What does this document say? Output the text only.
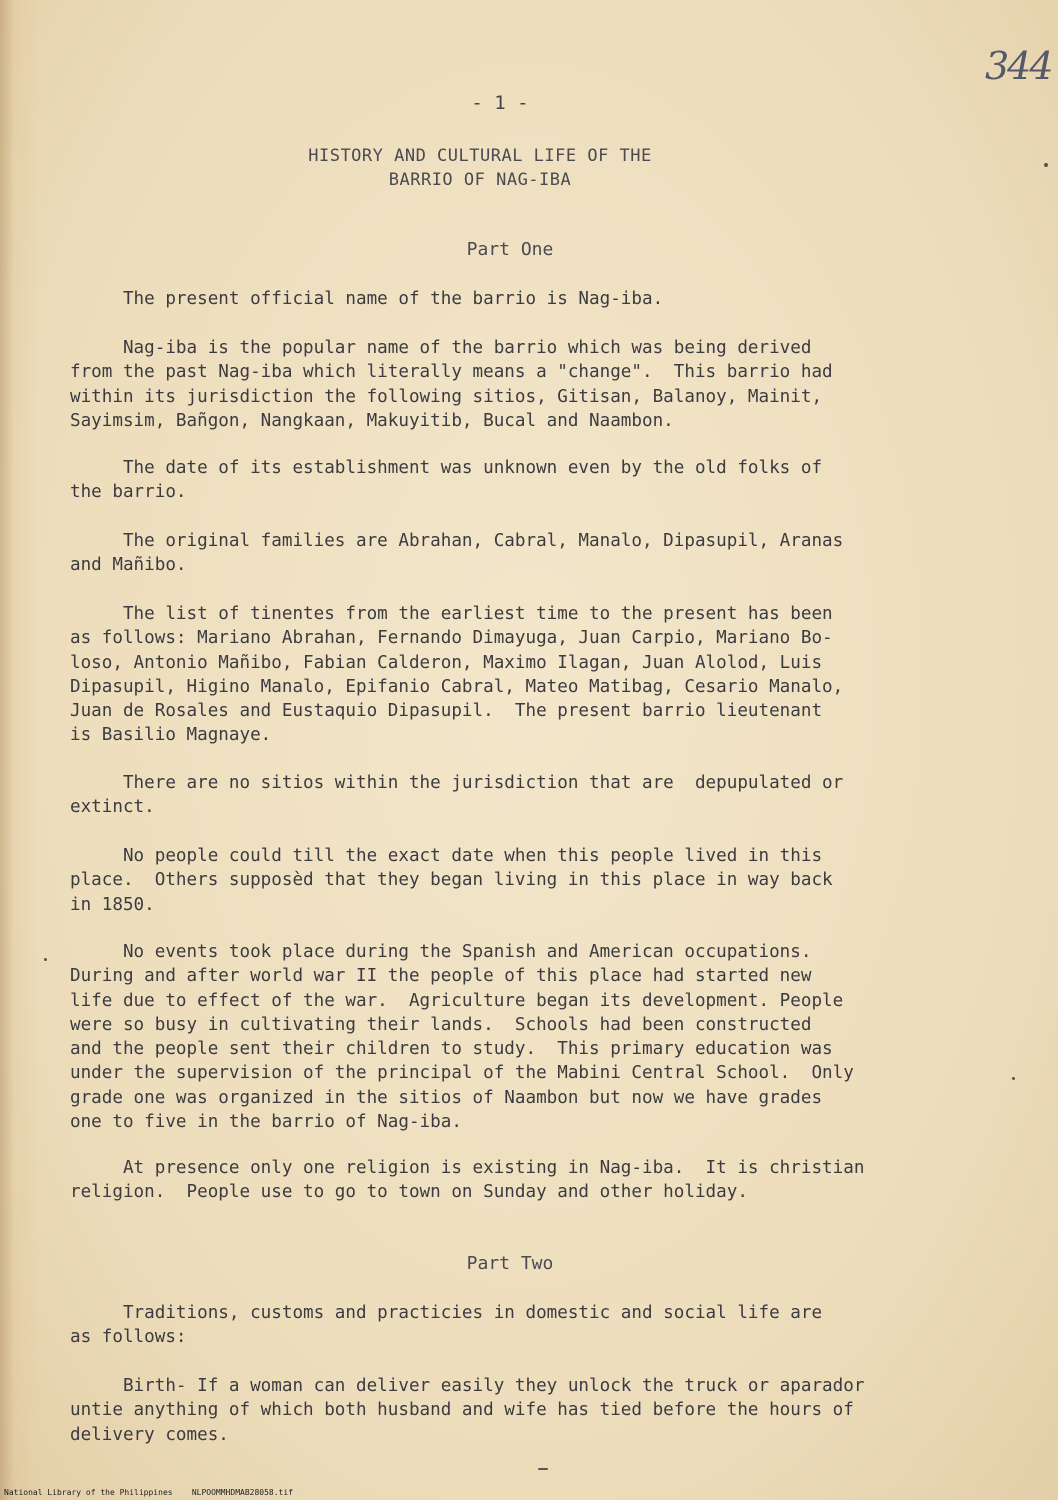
344
- 1 -
HISTORY AND CULTURAL LIFE OF THE
BARRIO OF NAG-IBA
Part One

The present official name of the barrio is Nag-iba.

Nag-iba is the popular name of the barrio which was being derived
from the past Nag-iba which literally means a "change".  This barrio had
within its jurisdiction the following sitios, Gitisan, Balanoy, Mainit,
Sayimsim, Bañgon, Nangkaan, Makuyitib, Bucal and Naambon.

The date of its establishment was unknown even by the old folks of
the barrio.

The original families are Abrahan, Cabral, Manalo, Dipasupil, Aranas
and Mañibo.

The list of tinentes from the earliest time to the present has been
as follows: Mariano Abrahan, Fernando Dimayuga, Juan Carpio, Mariano Bo-
loso, Antonio Mañibo, Fabian Calderon, Maximo Ilagan, Juan Alolod, Luis
Dipasupil, Higino Manalo, Epifanio Cabral, Mateo Matibag, Cesario Manalo,
Juan de Rosales and Eustaquio Dipasupil.  The present barrio lieutenant
is Basilio Magnaye.

There are no sitios within the jurisdiction that are  depupulated or
extinct.

No people could till the exact date when this people lived in this
place.  Others supposèd that they began living in this place in way back
in 1850.

No events took place during the Spanish and American occupations.
During and after world war II the people of this place had started new
life due to effect of the war.  Agriculture began its development. People
were so busy in cultivating their lands.  Schools had been constructed
and the people sent their children to study.  This primary education was
under the supervision of the principal of the Mabini Central School.  Only
grade one was organized in the sitios of Naambon but now we have grades
one to five in the barrio of Nag-iba.

At presence only one religion is existing in Nag-iba.  It is christian
religion.  People use to go to town on Sunday and other holiday.

Part Two

Traditions, customs and practicies in domestic and social life are
as follows:

Birth- If a woman can deliver easily they unlock the truck or aparador
untie anything of which both husband and wife has tied before the hours of
delivery comes.

National Library of the Philippines    NLPOOMMHDMAB28058.tif
